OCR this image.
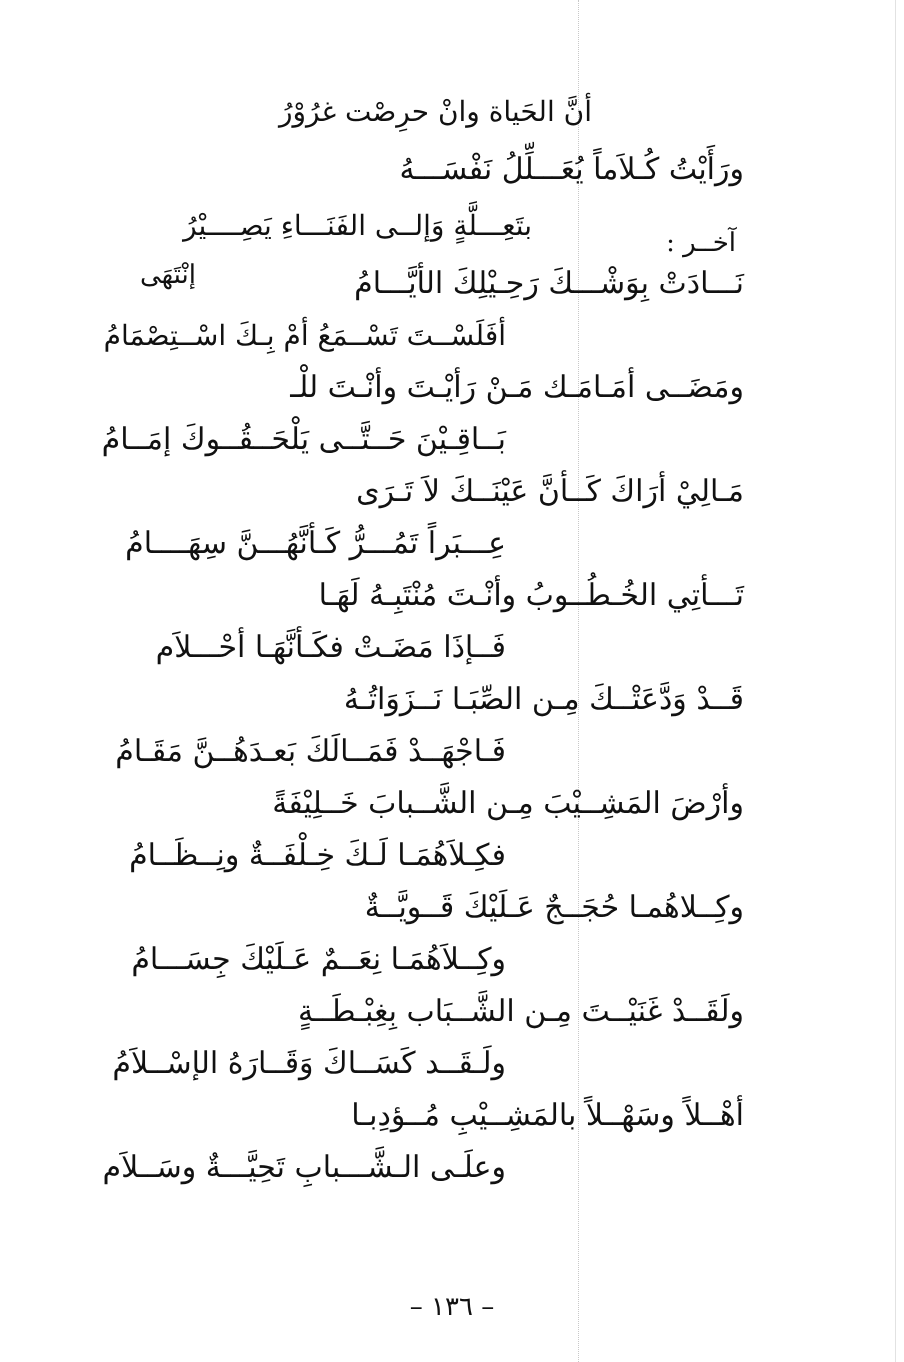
أنَّ الحَياة وانْ حرِصْت غرُوْرُ
ورَأَيْتُ كُـلاَماً يُعَـــلِّلُ نَفْسَـــهُ
بتَعِـــلَّةٍ وَإلــى الفَنَـــاءِ يَصِــــيْرُ
آخــر :
نَـــادَتْ بِوَشْـــكَ رَحِـيْلِكَ الأيَّـــامُ
إنْتَهَى
أفَلَسْــتَ تَسْــمَعُ أمْ بِـكَ اسْــتِصْمَامُ
ومَضَــى أمَـامَـك مَـنْ رَأيْـتَ وأنْـتَ للْـ
بَــاقِـيْنَ حَــتَّــى يَلْحَــقُــوكَ إمَــامُ
مَـالِيْ أرَاكَ كَــأنَّ عَيْنَــكَ لاَ تَـرَى
عِـــبَراً تَمُـــرُّ كَـأنَّهُـــنَّ سِهَــــامُ
تَـــأتِي الخُـطُــوبُ وأنْـتَ مُنْتَبِـهُ لَهَـا
فَــإذَا مَضَـتْ فكَـأنَّهَـا أحْـــلاَم
قَــدْ وَدَّعَتْــكَ مِـن الصِّبَـا نَــزَوَاتُـهُ
فَـاجْهَــدْ فَمَــالَكَ بَعـدَهُــنَّ مَقَـامُ
وأرْضَ المَشِــيْبَ مِـن الشَّــبابَ خَــلِيْفَةً
فكِـلاَهُمَـا لَـكَ خِـلْفَــةٌ ونِــظَــامُ
وكِــلاهُمـا حُجَــجٌ عَـلَيْكَ قَــويَّــةٌ
وكِــلاَهُمَـا نِعَــمٌ عَـلَيْكَ جِسَـــامُ
ولَقَــدْ غَنَيْــتَ مِـن الشَّــبَاب بِغِبْـطَــةٍ
ولَـقَــد كَسَــاكَ وَقَــارَهُ الإسْــلاَمُ
أهْــلاً وسَهْــلاً بالمَشِــيْبِ مُــؤدِبـا
وعلَـى الـشَّـــبابِ تَحِيَّـــةٌ وسَــلاَم
– ١٣٦ –
